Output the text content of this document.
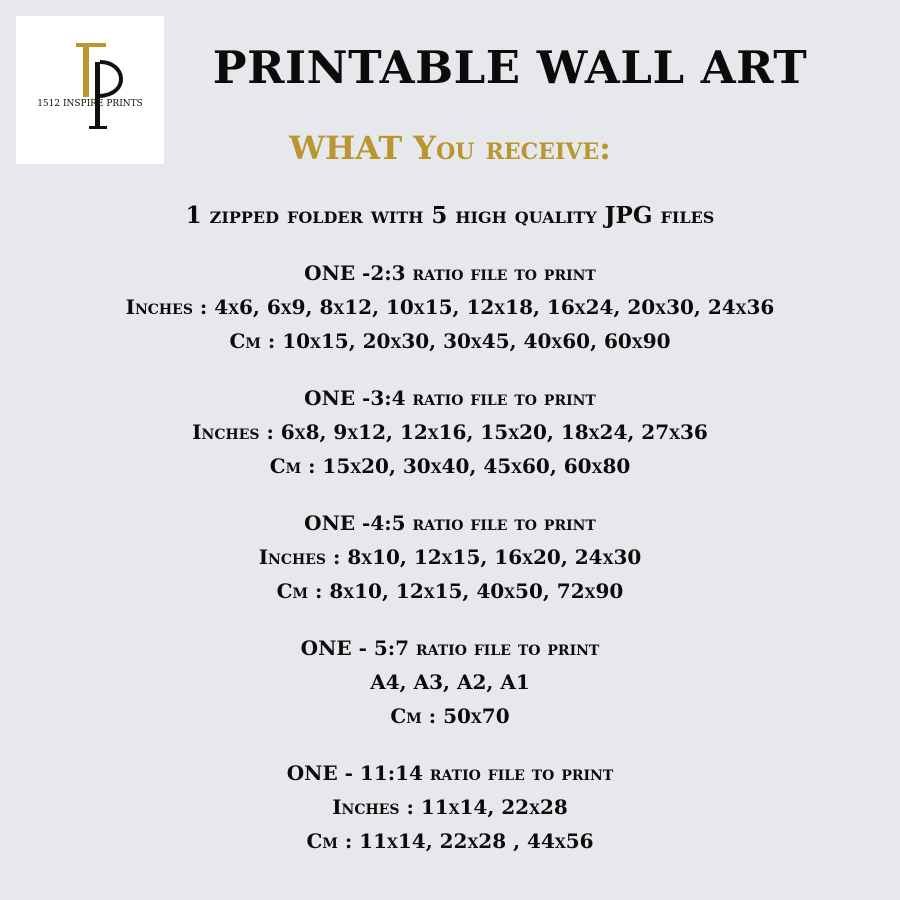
1512 INSPIRE PRINTS
PRINTABLE WALL ART
WHAT You receive:
1 zipped folder with 5 high quality JPG files
ONE -2:3 ratio file to print
Inches : 4x6, 6x9, 8x12, 10x15, 12x18, 16x24, 20x30, 24x36
Cm : 10x15, 20x30, 30x45, 40x60, 60x90
ONE -3:4 ratio file to print
Inches : 6x8, 9x12, 12x16, 15x20, 18x24, 27x36
Cm : 15x20, 30x40, 45x60, 60x80
ONE -4:5 ratio file to print
Inches : 8x10, 12x15, 16x20, 24x30
Cm : 8x10, 12x15, 40x50, 72x90
ONE - 5:7 ratio file to print
A4, A3, A2, A1
Cm : 50x70
ONE - 11:14 ratio file to print
Inches : 11x14, 22x28
Cm : 11x14, 22x28 , 44x56
